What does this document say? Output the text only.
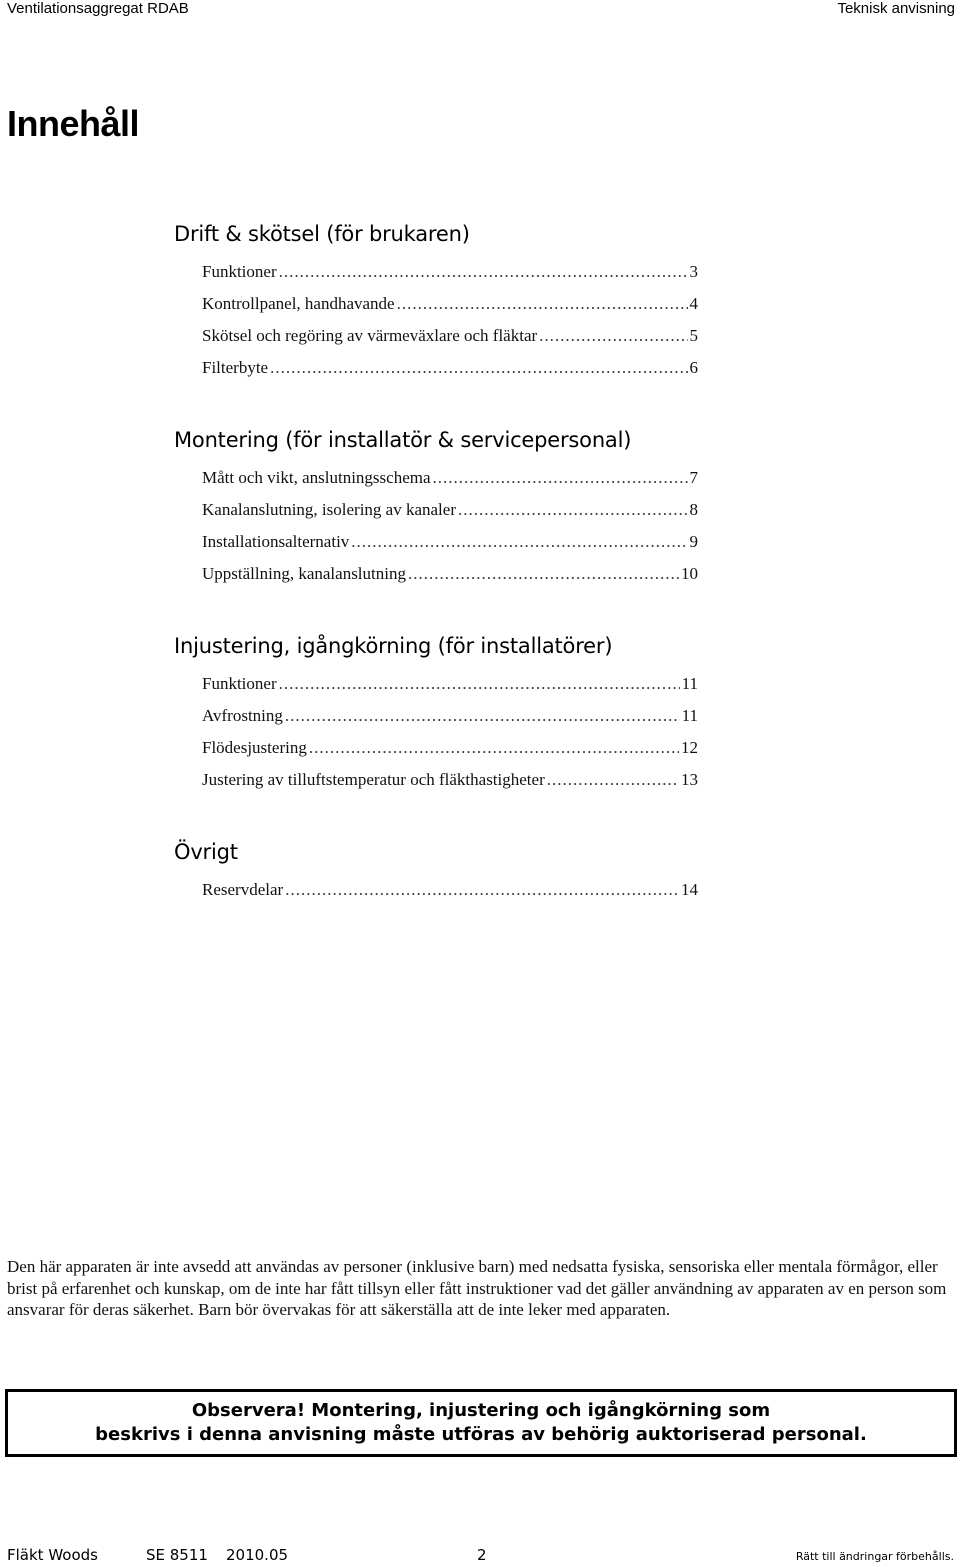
Ventilationsaggregat RDAB	Teknisk anvisning
Innehåll
Drift & skötsel (för brukaren)
Funktioner .....	3
Kontrollpanel, handhavande .....	4
Skötsel och regöring av värmeväxlare och fläktar .....	5
Filterbyte .....	6
Montering (för installatör & servicepersonal)
Mått och vikt, anslutningsschema .....	7
Kanalanslutning, isolering av kanaler .....	8
Installationsalternativ .....	9
Uppställning, kanalanslutning .....	10
Injustering, igångkörning (för installatörer)
Funktioner .....	11
Avfrostning .....	11
Flödesjustering .....	12
Justering av tilluftstemperatur och fläkthastigheter .....	13
Övrigt
Reservdelar .....	14

Den här apparaten är inte avsedd att användas av personer (inklusive barn) med nedsatta fysiska, sensoriska eller mentala förmågor, eller brist på erfarenhet och kunskap, om de inte har fått tillsyn eller fått instruktioner vad det gäller användning av apparaten av en person som ansvarar för deras säkerhet. Barn bör övervakas för att säkerställa att de inte leker med apparaten.

Observera! Montering, injustering och igångkörning som
beskrivs i denna anvisning måste utföras av behörig auktoriserad personal.
Fläkt Woods	SE 8511 2010.05	2	Rätt till ändringar förbehålls.
